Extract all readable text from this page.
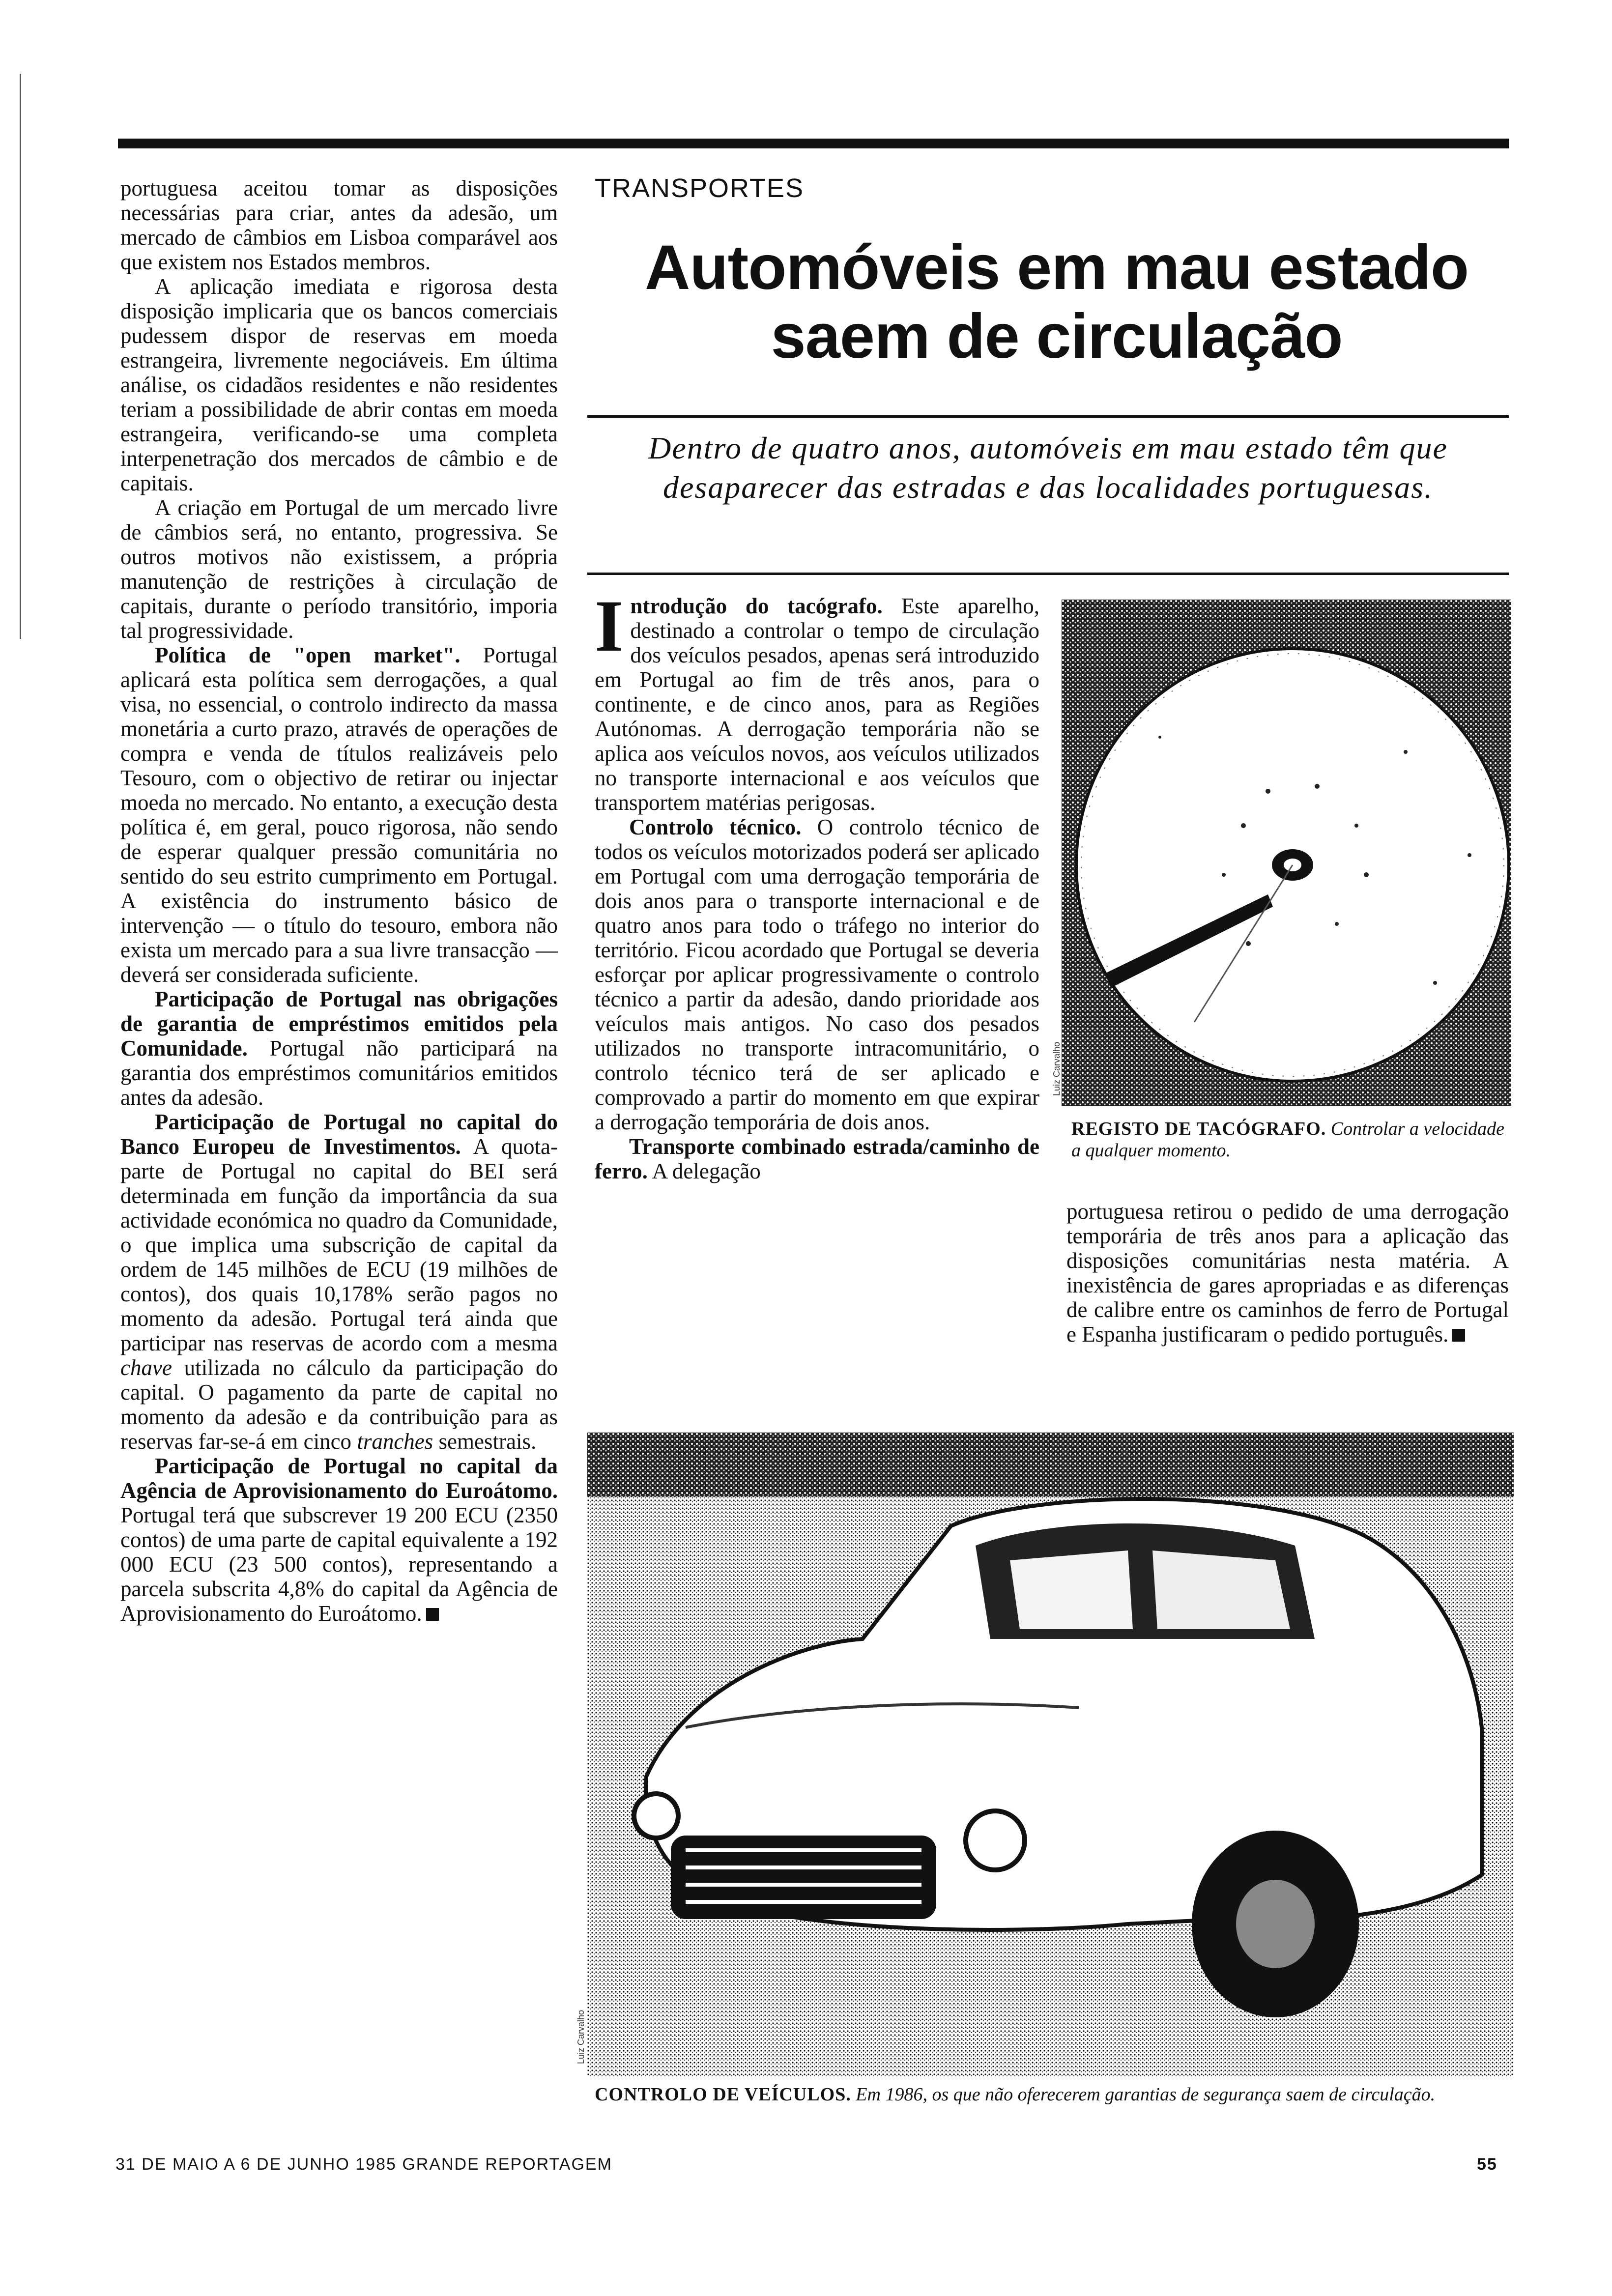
portuguesa aceitou tomar as disposições necessárias para criar, antes da adesão, um mercado de câmbios em Lisboa comparável aos que existem nos Estados membros.

A aplicação imediata e rigorosa desta disposição implicaria que os bancos comerciais pudessem dispor de reservas em moeda estrangeira, livremente negociáveis. Em última análise, os cidadãos residentes e não residentes teriam a possibilidade de abrir contas em moeda estrangeira, verificando-se uma completa interpenetração dos mercados de câmbio e de capitais.

A criação em Portugal de um mercado livre de câmbios será, no entanto, progressiva. Se outros motivos não existissem, a própria manutenção de restrições à circulação de capitais, durante o período transitório, imporia tal progressividade.

Política de "open market". Portugal aplicará esta política sem derrogações, a qual visa, no essencial, o controlo indirecto da massa monetária a curto prazo, através de operações de compra e venda de títulos realizáveis pelo Tesouro, com o objectivo de retirar ou injectar moeda no mercado. No entanto, a execução desta política é, em geral, pouco rigorosa, não sendo de esperar qualquer pressão comunitária no sentido do seu estrito cumprimento em Portugal. A existência do instrumento básico de intervenção — o título do tesouro, embora não exista um mercado para a sua livre transacção — deverá ser considerada suficiente.

Participação de Portugal nas obrigações de garantia de empréstimos emitidos pela Comunidade. Portugal não participará na garantia dos empréstimos comunitários emitidos antes da adesão.

Participação de Portugal no capital do Banco Europeu de Investimentos. A quota-parte de Portugal no capital do BEI será determinada em função da importância da sua actividade económica no quadro da Comunidade, o que implica uma subscrição de capital da ordem de 145 milhões de ECU (19 milhões de contos), dos quais 10,178% serão pagos no momento da adesão. Portugal terá ainda que participar nas reservas de acordo com a mesma chave utilizada no cálculo da participação do capital. O pagamento da parte de capital no momento da adesão e da contribuição para as reservas far-se-á em cinco tranches semestrais.

Participação de Portugal no capital da Agência de Aprovisionamento do Euroátomo. Portugal terá que subscrever 19 200 ECU (2350 contos) de uma parte de capital equivalente a 192 000 ECU (23 500 contos), representando a parcela subscrita 4,8% do capital da Agência de Aprovisionamento do Euroátomo.

TRANSPORTES
Automóveis em mau estado saem de circulação
Dentro de quatro anos, automóveis em mau estado têm que desaparecer das estradas e das localidades portuguesas.

Introdução do tacógrafo. Este aparelho, destinado a controlar o tempo de circulação dos veículos pesados, apenas será introduzido em Portugal ao fim de três anos, para o continente, e de cinco anos, para as Regiões Autónomas. A derrogação temporária não se aplica aos veículos novos, aos veículos utilizados no transporte internacional e aos veículos que transportem matérias perigosas.

Controlo técnico. O controlo técnico de todos os veículos motorizados poderá ser aplicado em Portugal com uma derrogação temporária de dois anos para o transporte internacional e de quatro anos para todo o tráfego no interior do território. Ficou acordado que Portugal se deveria esforçar por aplicar progressivamente o controlo técnico a partir da adesão, dando prioridade aos veículos mais antigos. No caso dos pesados utilizados no transporte intracomunitário, o controlo técnico terá de ser aplicado e comprovado a partir do momento em que expirar a derrogação temporária de dois anos.

Transporte combinado estrada/caminho de ferro. A delegação

Luiz Carvalho
REGISTO DE TACÓGRAFO. Controlar a velocidade a qualquer momento.

portuguesa retirou o pedido de uma derrogação temporária de três anos para a aplicação das disposições comunitárias nesta matéria. A inexistência de gares apropriadas e as diferenças de calibre entre os caminhos de ferro de Portugal e Espanha justificaram o pedido português.

Luiz Carvalho
CONTROLO DE VEÍCULOS. Em 1986, os que não oferecerem garantias de segurança saem de circulação.
31 DE MAIO A 6 DE JUNHO 1985 GRANDE REPORTAGEM	55
